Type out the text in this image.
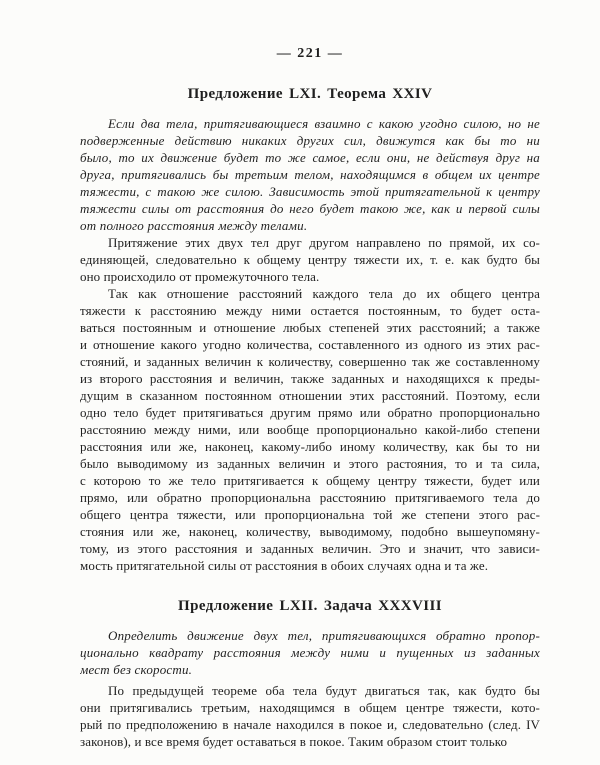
— 221 —
Предложение LXI. Теорема XXIV
Если два тела, притягивающиеся взаимно с какою угодно силою, но не
подверженные действию никаких других сил, движутся как бы то ни
было, то их движение будет то же самое, если они, не действуя друг на
друга, притягивались бы третьим телом, находящимся в общем их центре
тяжести, с такою же силою. Зависимость этой притягательной к центру
тяжести силы от расстояния до него будет такою же, как и первой силы
от полного расстояния между телами.
Притяжение этих двух тел друг другом направлено по прямой, их со-
единяющей, следовательно к общему центру тяжести их, т. е. как будто бы
оно происходило от промежуточного тела.
Так как отношение расстояний каждого тела до их общего центра
тяжести к расстоянию между ними остается постоянным, то будет оста-
ваться постоянным и отношение любых степеней этих расстояний; а также
и отношение какого угодно количества, составленного из одного из этих рас-
стояний, и заданных величин к количеству, совершенно так же составленному
из второго расстояния и величин, также заданных и находящихся к преды-
дущим в сказанном постоянном отношении этих расстояний. Поэтому, если
одно тело будет притягиваться другим прямо или обратно пропорционально
расстоянию между ними, или вообще пропорционально какой-либо степени
расстояния или же, наконец, какому-либо иному количеству, как бы то ни
было выводимому из заданных величин и этого растояния, то и та сила,
с которою то же тело притягивается к общему центру тяжести, будет или
прямо, или обратно пропорциональна расстоянию притягиваемого тела до
общего центра тяжести, или пропорциональна той же степени этого рас-
стояния или же, наконец, количеству, выводимому, подобно вышеупомяну-
тому, из этого расстояния и заданных величин. Это и значит, что зависи-
мость притягательной силы от расстояния в обоих случаях одна и та же.
Предложение LXII. Задача XXXVIII
Определить движение двух тел, притягивающихся обратно пропор-
ционально квадрату расстояния между ними и пущенных из заданных
мест без скорости.
По предыдущей теореме оба тела будут двигаться так, как будто бы
они притягивались третьим, находящимся в общем центре тяжести, кото-
рый по предположению в начале находился в покое и, следовательно (след. IV
законов), и все время будет оставаться в покое. Таким образом стоит только
